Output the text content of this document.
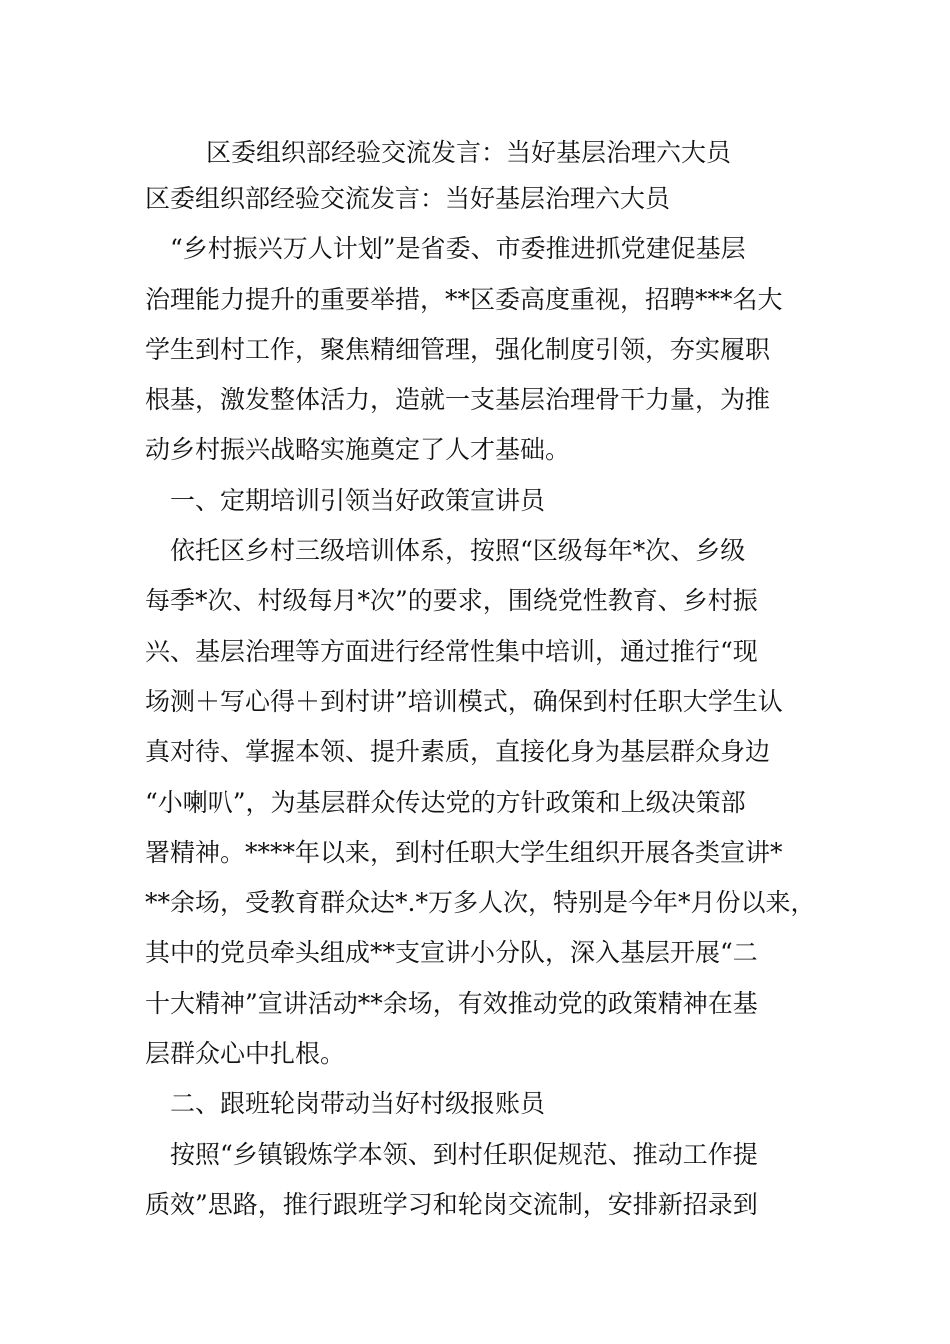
区委组织部经验交流发言：当好基层治理六大员
区委组织部经验交流发言：当好基层治理六大员
　“乡村振兴万人计划”是省委、市委推进抓党建促基层
治理能力提升的重要举措，**区委高度重视，招聘***名大
学生到村工作，聚焦精细管理，强化制度引领，夯实履职
根基，激发整体活力，造就一支基层治理骨干力量，为推
动乡村振兴战略实施奠定了人才基础。
　一、定期培训引领当好政策宣讲员
　依托区乡村三级培训体系，按照“区级每年*次、乡级
每季*次、村级每月*次”的要求，围绕党性教育、乡村振
兴、基层治理等方面进行经常性集中培训，通过推行“现
场测＋写心得＋到村讲”培训模式，确保到村任职大学生认
真对待、掌握本领、提升素质，直接化身为基层群众身边
“小喇叭”，为基层群众传达党的方针政策和上级决策部
署精神。****年以来，到村任职大学生组织开展各类宣讲*
**余场，受教育群众达*.*万多人次，特别是今年*月份以来，
其中的党员牵头组成**支宣讲小分队，深入基层开展“二
十大精神”宣讲活动**余场，有效推动党的政策精神在基
层群众心中扎根。
　二、跟班轮岗带动当好村级报账员
　按照“乡镇锻炼学本领、到村任职促规范、推动工作提
质效”思路，推行跟班学习和轮岗交流制，安排新招录到
